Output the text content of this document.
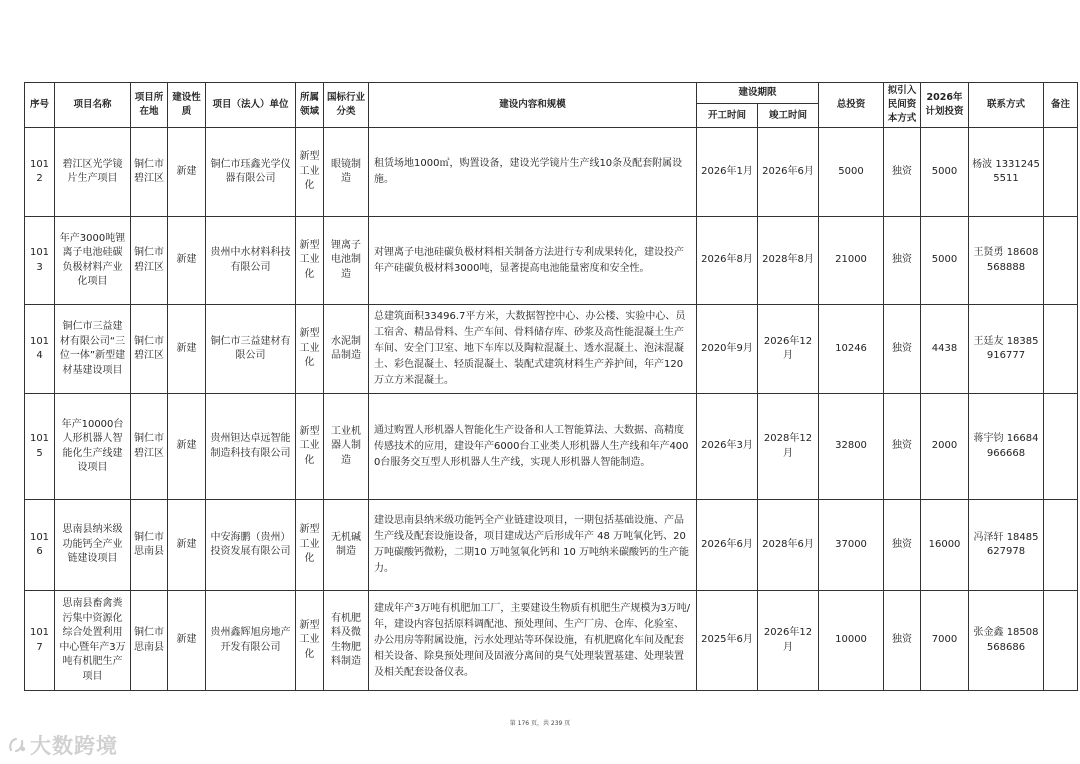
序号	项目名称	项目所在地	建设性质	项目（法人）单位	所属领域	国标行业分类	建设内容和规模	建设期限		总投资	拟引入民间资本方式	2026年计划投资	联系方式	备注
								开工时间	竣工时间					
1012	碧江区光学镜片生产项目	铜仁市碧江区	新建	铜仁市珏鑫光学仪器有限公司	新型工业化	眼镜制造	租赁场地1000㎡，购置设备，建设光学镜片生产线10条及配套附属设施。	2026年1月	2026年6月	5000	独资	5000	杨波 13312455511	
1013	年产3000吨锂离子电池硅碳负极材料产业化项目	铜仁市碧江区	新建	贵州中水材料科技有限公司	新型工业化	锂离子电池制造	对锂离子电池硅碳负极材料相关制备方法进行专利成果转化，建设投产年产硅碳负极材料3000吨，显著提高电池能量密度和安全性。	2026年8月	2028年8月	21000	独资	5000	王贤勇 18608568888	
1014	铜仁市三益建材有限公司“三位一体”新型建材基建设项目	铜仁市碧江区	新建	铜仁市三益建材有限公司	新型工业化	水泥制品制造	总建筑面积33496.7平方米，大数据智控中心、办公楼、实验中心、员工宿舍、精品骨料、生产车间、骨料储存库、砂浆及高性能混凝土生产车间、安全门卫室、地下车库以及陶粒混凝土、透水混凝土、泡沫混凝土、彩色混凝土、轻质混凝土、装配式建筑材料生产养护间，年产120万立方米混凝土。	2020年9月	2026年12月	10246	独资	4438	王廷友 18385916777	
1015	年产10000台人形机器人智能化生产线建设项目	铜仁市碧江区	新建	贵州钽达卓远智能制造科技有限公司	新型工业化	工业机器人制造	通过购置人形机器人智能化生产设备和人工智能算法、大数据、高精度传感技术的应用，建设年产6000台工业类人形机器人生产线和年产4000台服务交互型人形机器人生产线，实现人形机器人智能制造。	2026年3月	2028年12月	32800	独资	2000	蒋宇钧 16684966668	
1016	思南县纳米级功能钙全产业链建设项目	铜仁市思南县	新建	中安海鹏（贵州）投资发展有限公司	新型工业化	无机碱制造	建设思南县纳米级功能钙全产业链建设项目，一期包括基础设施、产品生产线及配套设施设备，项目建成达产后形成年产 48 万吨氧化钙、20万吨碳酸钙微粉，二期10 万吨氢氧化钙和 10 万吨纳米碳酸钙的生产能力。	2026年6月	2028年6月	37000	独资	16000	冯泽轩 18485627978	
1017	思南县畜禽粪污集中资源化综合处置利用中心暨年产3万吨有机肥生产项目	铜仁市思南县	新建	贵州鑫辉旭房地产开发有限公司	新型工业化	有机肥料及微生物肥料制造	建成年产3万吨有机肥加工厂，主要建设生物质有机肥生产规模为3万吨/年，建设内容包括原料调配池、预处理间、生产厂房、仓库、化验室、办公用房等附属设施，污水处理站等环保设施，有机肥腐化车间及配套相关设备、除臭预处理间及固液分离间的臭气处理装置基建、处理装置及相关配套设备仪表。	2025年6月	2026年12月	10000	独资	7000	张金鑫 18508568686	
第 176 页，共 239 页
大数跨境
